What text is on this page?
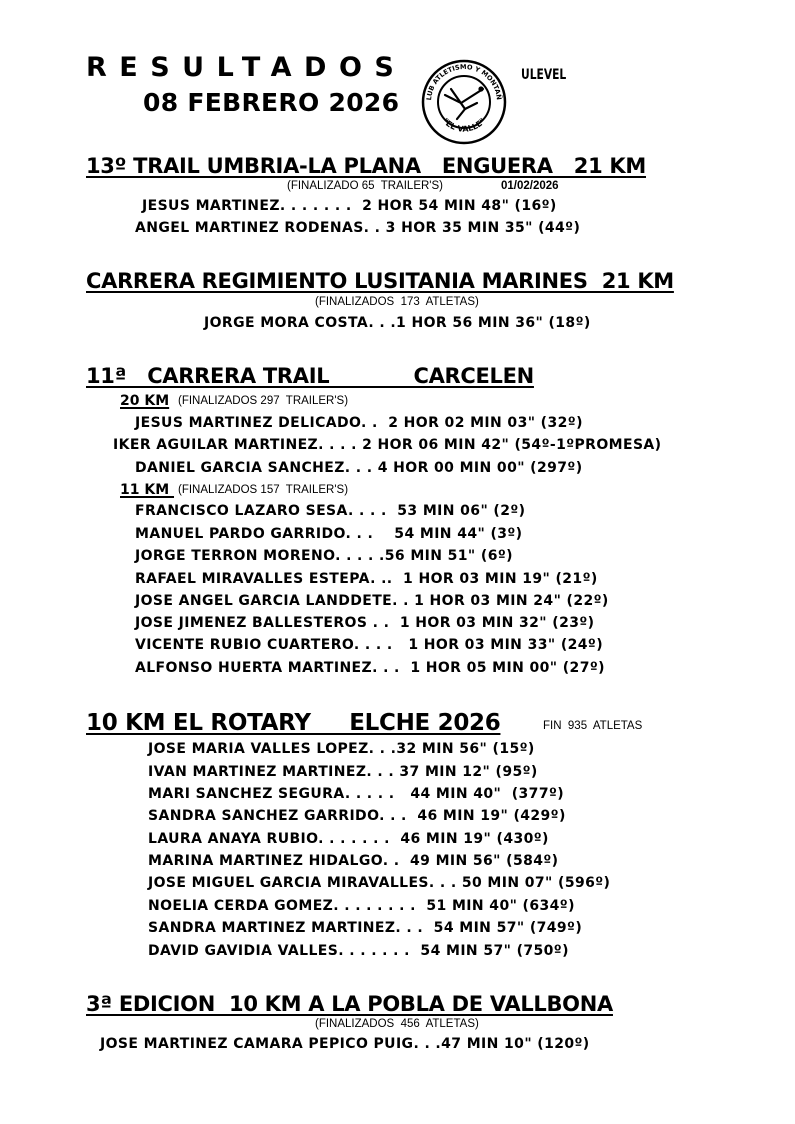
RESULTADOS
08 FEBRERO 2026

	LUB ATLETISMO Y MONTAÑ
"EL VALLE"

ULEVEL
13º TRAIL UMBRIA-LA PLANA   ENGUERA   21 KM
(FINALIZADO 65  TRAILER'S)	01/02/2026
JESUS MARTINEZ. . . . . . .  2 HOR 54 MIN 48" (16º)
ANGEL MARTINEZ RODENAS. . 3 HOR 35 MIN 35" (44º)
CARRERA REGIMIENTO LUSITANIA MARINES  21 KM
(FINALIZADOS  173  ATLETAS)
JORGE MORA COSTA. . .1 HOR 56 MIN 36" (18º)
11ª   CARRERA TRAIL            CARCELEN
20 KM (FINALIZADOS 297  TRAILER'S)
JESUS MARTINEZ DELICADO. .  2 HOR 02 MIN 03" (32º)
IKER AGUILAR MARTINEZ. . . . 2 HOR 06 MIN 42" (54º-1ºPROMESA)
DANIEL GARCIA SANCHEZ. . . 4 HOR 00 MIN 00" (297º)
11 KM (FINALIZADOS 157  TRAILER'S)
FRANCISCO LAZARO SESA. . . .  53 MIN 06" (2º)
MANUEL PARDO GARRIDO. . .    54 MIN 44" (3º)
JORGE TERRON MORENO. . . . .56 MIN 51" (6º)
RAFAEL MIRAVALLES ESTEPA. ..  1 HOR 03 MIN 19" (21º)
JOSE ANGEL GARCIA LANDDETE. . 1 HOR 03 MIN 24" (22º)
JOSE JIMENEZ BALLESTEROS . .  1 HOR 03 MIN 32" (23º)
VICENTE RUBIO CUARTERO. . . .   1 HOR 03 MIN 33" (24º)
ALFONSO HUERTA MARTINEZ. . .  1 HOR 05 MIN 00" (27º)
10 KM EL ROTARY     ELCHE 2026	FIN  935  ATLETAS
JOSE MARIA VALLES LOPEZ. . .32 MIN 56" (15º)
IVAN MARTINEZ MARTINEZ. . . 37 MIN 12" (95º)
MARI SANCHEZ SEGURA. . . . .   44 MIN 40"  (377º)
SANDRA SANCHEZ GARRIDO. . .  46 MIN 19" (429º)
LAURA ANAYA RUBIO. . . . . . .  46 MIN 19" (430º)
MARINA MARTINEZ HIDALGO. .  49 MIN 56" (584º)
JOSE MIGUEL GARCIA MIRAVALLES. . . 50 MIN 07" (596º)
NOELIA CERDA GOMEZ. . . . . . . .  51 MIN 40" (634º)
SANDRA MARTINEZ MARTINEZ. . .  54 MIN 57" (749º)
DAVID GAVIDIA VALLES. . . . . . .  54 MIN 57" (750º)
3ª EDICION  10 KM A LA POBLA DE VALLBONA
(FINALIZADOS  456  ATLETAS)
JOSE MARTINEZ CAMARA PEPICO PUIG. . .47 MIN 10" (120º)
